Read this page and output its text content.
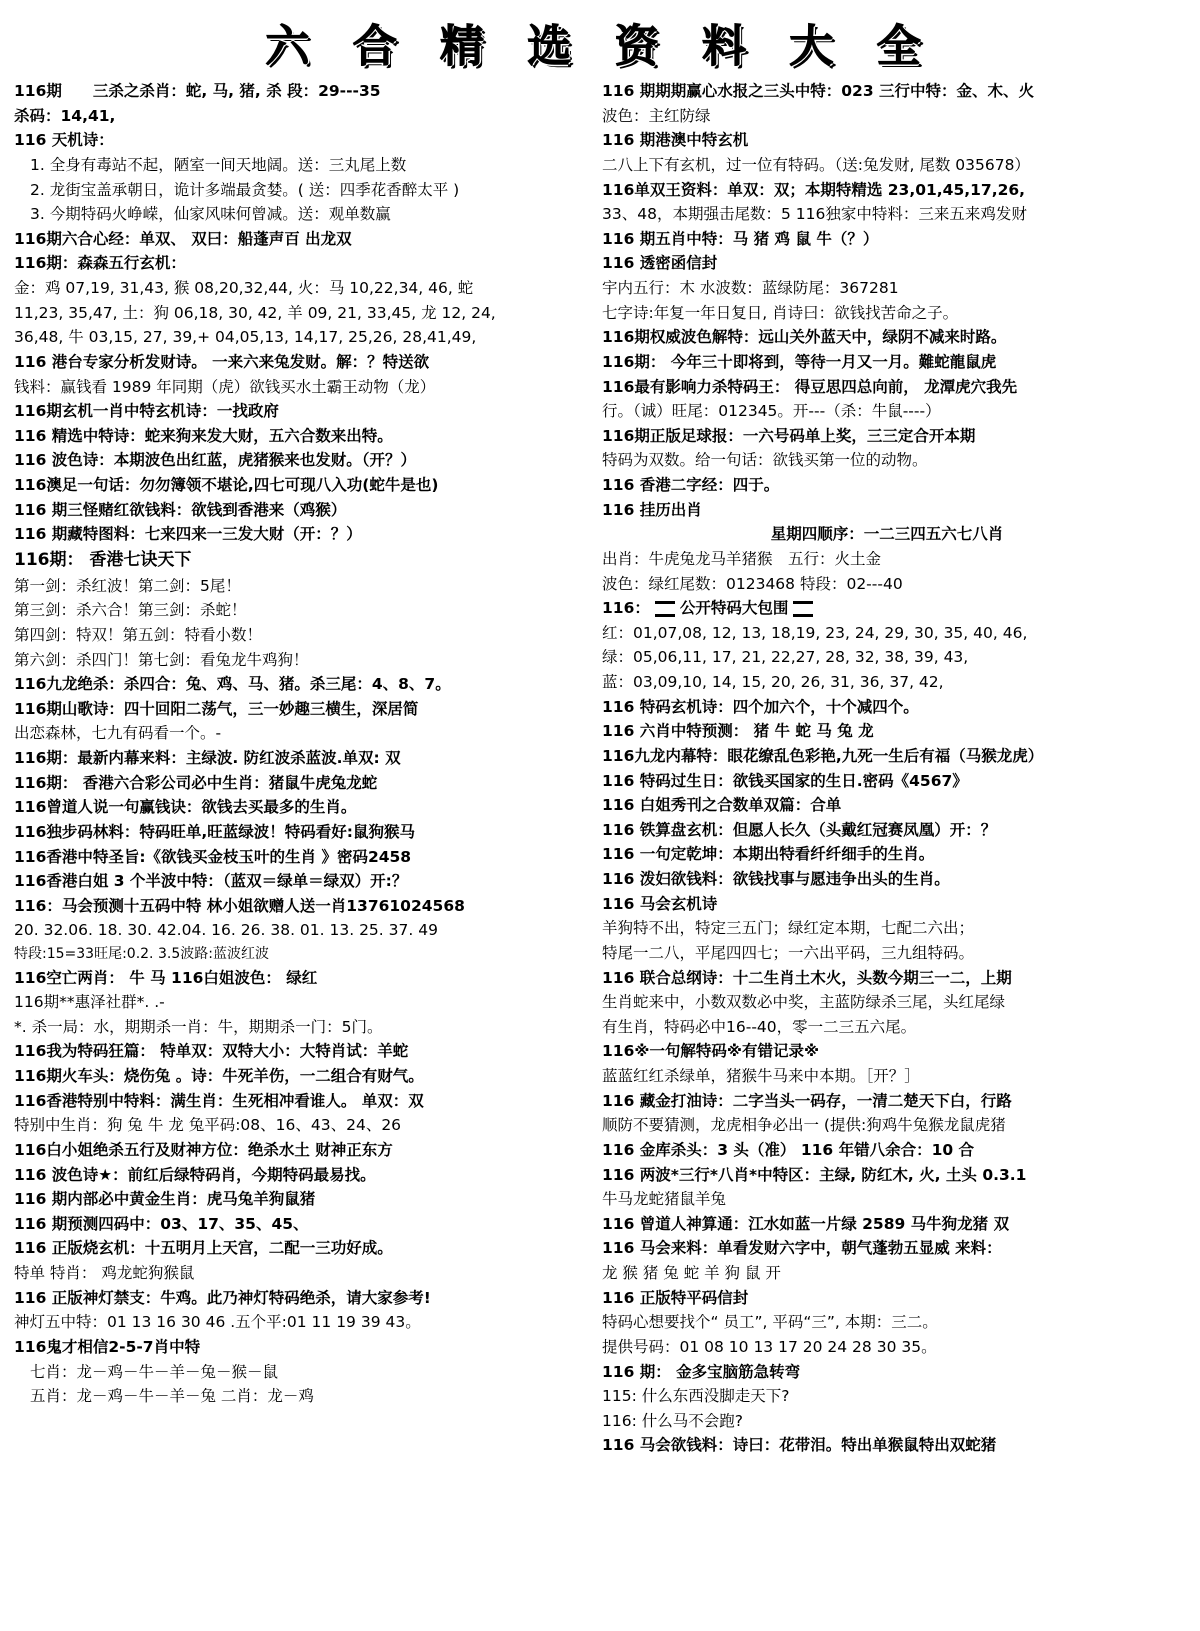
六 合 精 选 资 料 大 全

116期　　三杀之杀肖：蛇, 马, 猪, 杀 段：29---35

杀码：14,41,

116 天机诗：

1. 全身有毒站不起，陋室一间天地阔。送：三丸尾上数

2. 龙街宝盖承朝日，诡计多端最贪婪。( 送：四季花香醉太平 )

3. 今期特码火峥嵘，仙家风味何曾减。送：观单数赢

116期六合心经：单双、 双曰：船蓬声百 出龙双

116期：森森五行玄机：

金：鸡 07,19, 31,43, 猴 08,20,32,44, 火：马 10,22,34, 46, 蛇

11,23, 35,47, 土：狗 06,18, 30, 42, 羊 09, 21, 33,45, 龙 12, 24,

36,48, 牛 03,15, 27, 39,+ 04,05,13, 14,17, 25,26, 28,41,49,

116 港台专家分析发财诗。 一来六来兔发财。解：？特送欲

钱料：赢钱看 1989 年同期（虎）欲钱买水土霸王动物（龙）

116期玄机一肖中特玄机诗：一找政府

116 精选中特诗：蛇来狗来发大财，五六合数来出特。

116 波色诗：本期波色出红蓝，虎猪猴来也发财。（开？）

116澳足一句话：勿勿簿领不堪论,四七可现八入功(蛇牛是也)

116 期三怪赌红欲钱料：欲钱到香港来（鸡猴）

116 期藏特图料：七来四来一三发大财（开：？）

116期： 香港七诀天下

第一剑：杀红波！第二剑：5尾！

第三剑：杀六合！第三剑：杀蛇！

第四剑：特双！第五剑：特看小数！

第六剑：杀四门！第七剑：看兔龙牛鸡狗！

116九龙绝杀：杀四合：兔、鸡、马、猪。杀三尾：4、8、7。

116期山歌诗：四十回阳二荡气，三一妙趣三横生，深居简

出恋森林，七九有码看一个。-

116期：最新内幕来料：主绿波. 防红波杀蓝波.单双: 双

116期： 香港六合彩公司必中生肖：猪鼠牛虎兔龙蛇

116曾道人说一句赢钱诀：欲钱去买最多的生肖。

116独步码林料：特码旺单,旺蓝绿波！特码看好:鼠狗猴马

116香港中特圣旨:《欲钱买金枝玉叶的生肖 》密码2458

116香港白姐 3 个半波中特：（蓝双＝绿单＝绿双）开:？

116：马会预测十五码中特 林小姐欲赠人送一肖13761024568

20. 32.06. 18. 30. 42.04. 16. 26. 38. 01. 13. 25. 37. 49

特段:15=33旺尾:0.2. 3.5波路:蓝波红波

116空亡两肖： 牛 马 116白姐波色： 绿红

116期**惠泽社群*. .-

*. 杀一局：水，期期杀一肖：牛，期期杀一门：5门。

116我为特码狂篇： 特单双：双特大小：大特肖试：羊蛇

116期火车头：烧伤兔 。诗：牛死羊伤，一二组合有财气。

116香港特别中特料：满生肖：生死相冲看谁人。 单双：双

特别中生肖：狗 兔 牛 龙 兔平码:08、16、43、24、26

116白小姐绝杀五行及财神方位：绝杀水土 财神正东方

116 波色诗★：前红后绿特码肖，今期特码最易找。

116 期内部必中黄金生肖：虎马兔羊狗鼠猪

116 期预测四码中：03、17、35、45、

116 正版烧玄机：十五明月上天宫，二配一三功好成。

特单 特肖： 鸡龙蛇狗猴鼠

116 正版神灯禁支：牛鸡。此乃神灯特码绝杀，请大家参考!

神灯五中特：01 13 16 30 46 .五个平:01 11 19 39 43。

116鬼才相信2-5-7肖中特

七肖：龙－鸡－牛－羊－兔－猴－鼠

五肖：龙－鸡－牛－羊－兔 二肖：龙－鸡

116 期期期赢心水报之三头中特：023 三行中特：金、木、火

波色：主红防绿

116 期港澳中特玄机

二八上下有玄机，过一位有特码。（送:兔发财, 尾数 035678）

116单双王资料：单双：双；本期特精选 23,01,45,17,26,

33、48，本期强击尾数：5 116独家中特料：三来五来鸡发财

116 期五肖中特：马 猪 鸡 鼠 牛（？）

116 透密函信封

宇内五行：木 水波数：蓝绿防尾：367281

七字诗:年复一年日复日, 肖诗曰：欲钱找苦命之子。

116期权威波色解特：远山关外蓝天中，绿阴不减来时路。

116期： 今年三十即将到，等待一月又一月。難蛇龍鼠虎

116最有影响力杀特码王： 得豆思四总向前， 龙潭虎穴我先

行。（诚）旺尾：012345。开---（杀：牛鼠----）

116期正版足球报：一六号码单上奖，三三定合开本期

特码为双数。给一句话：欲钱买第一位的动物。

116 香港二字经：四于。

116 挂历出肖

星期四顺序：一二三四五六七八肖

出肖：牛虎兔龙马羊猪猴　五行：火土金

波色：绿红尾数：0123468 特段：02---40

116： 公开特码大包围

红：01,07,08, 12, 13, 18,19, 23, 24, 29, 30, 35, 40, 46,

绿：05,06,11, 17, 21, 22,27, 28, 32, 38, 39, 43,

蓝：03,09,10, 14, 15, 20, 26, 31, 36, 37, 42,

116 特码玄机诗：四个加六个，十个减四个。

116 六肖中特预测： 猪 牛 蛇 马 兔 龙

116九龙内幕特：眼花缭乱色彩艳,九死一生后有福（马猴龙虎）

116 特码过生日：欲钱买国家的生日.密码《4567》

116 白姐秀刊之合数单双篇：合单

116 铁算盘玄机：但愿人长久（头戴红冠赛凤凰）开：？

116 一句定乾坤：本期出特看纤纤细手的生肖。

116 泼妇欲钱料：欲钱找事与愿违争出头的生肖。

116 马会玄机诗

羊狗特不出，特定三五门；绿红定本期，七配二六出；

特尾一二八，平尾四四七；一六出平码，三九组特码。

116 联合总纲诗：十二生肖土木火，头数今期三一二，上期

生肖蛇来中，小数双数必中奖，主蓝防绿杀三尾，头红尾绿

有生肖，特码必中16--40，零一二三五六尾。

116※一句解特码※有错记录※

蓝蓝红红杀绿单，猪猴牛马来中本期。［开？］

116 藏金打油诗：二字当头一码存，一清二楚天下白，行路

顺防不要猜测，龙虎相争必出一 (提供:狗鸡牛兔猴龙鼠虎猪

116 金库杀头：3 头（准） 116 年错八余合：10 合

116 两波*三行*八肖*中特区：主绿, 防红木, 火, 土头 0.3.1

牛马龙蛇猪鼠羊兔

116 曾道人神算通：江水如蓝一片绿 2589 马牛狗龙猪 双

116 马会来料：单看发财六字中，朝气蓬勃五显威 来料：

龙 猴 猪 兔 蛇 羊 狗 鼠 开

116 正版特平码信封

特码心想要找个“ 员工”, 平码“三”, 本期：三二。

提供号码：01 08 10 13 17 20 24 28 30 35。

116 期： 金多宝脑筋急转弯

115: 什么东西没脚走天下?

116: 什么马不会跑?

116 马会欲钱料：诗曰：花带泪。特出单猴鼠特出双蛇猪
